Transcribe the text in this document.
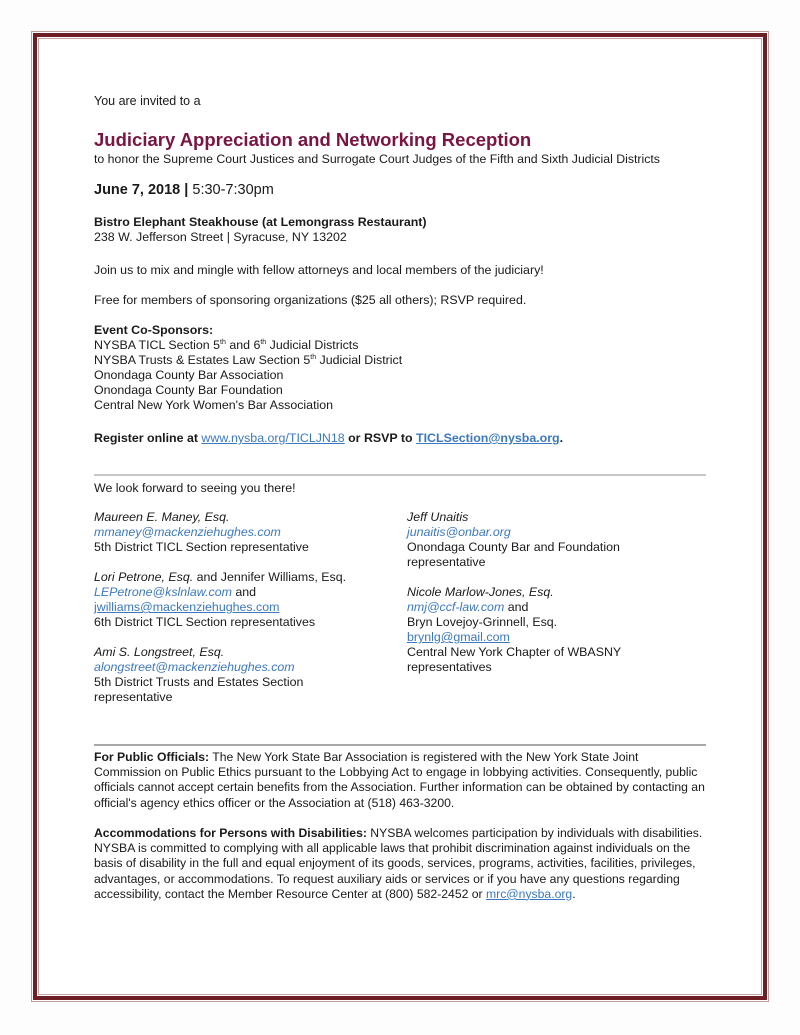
You are invited to a
Judiciary Appreciation and Networking Reception
to honor the Supreme Court Justices and Surrogate Court Judges of the Fifth and Sixth Judicial Districts
June 7, 2018 | 5:30-7:30pm
Bistro Elephant Steakhouse (at Lemongrass Restaurant)
238 W. Jefferson Street | Syracuse, NY 13202
Join us to mix and mingle with fellow attorneys and local members of the judiciary!
Free for members of sponsoring organizations ($25 all others); RSVP required.
Event Co-Sponsors:
NYSBA TICL Section 5th and 6th Judicial Districts
NYSBA Trusts & Estates Law Section 5th Judicial District
Onondaga County Bar Association
Onondaga County Bar Foundation
Central New York Women's Bar Association
Register online at www.nysba.org/TICLJN18 or RSVP to TICLSection@nysba.org.
We look forward to seeing you there!
Maureen E. Maney, Esq.
mmaney@mackenziehughes.com
5th District TICL Section representative
Lori Petrone, Esq. and Jennifer Williams, Esq.
LEPetrone@kslnlaw.com and
jwilliams@mackenziehughes.com
6th District TICL Section representatives
Ami S. Longstreet, Esq.
alongstreet@mackenziehughes.com
5th District Trusts and Estates Section
representative
Jeff Unaitis
junaitis@onbar.org
Onondaga County Bar and Foundation
representative
Nicole Marlow-Jones, Esq.
nmj@ccf-law.com and
Bryn Lovejoy-Grinnell, Esq.
brynlg@gmail.com
Central New York Chapter of WBASNY
representatives
For Public Officials: The New York State Bar Association is registered with the New York State Joint Commission on Public Ethics pursuant to the Lobbying Act to engage in lobbying activities. Consequently, public officials cannot accept certain benefits from the Association. Further information can be obtained by contacting an official's agency ethics officer or the Association at (518) 463-3200.
Accommodations for Persons with Disabilities: NYSBA welcomes participation by individuals with disabilities. NYSBA is committed to complying with all applicable laws that prohibit discrimination against individuals on the basis of disability in the full and equal enjoyment of its goods, services, programs, activities, facilities, privileges, advantages, or accommodations. To request auxiliary aids or services or if you have any questions regarding accessibility, contact the Member Resource Center at (800) 582-2452 or mrc@nysba.org.
